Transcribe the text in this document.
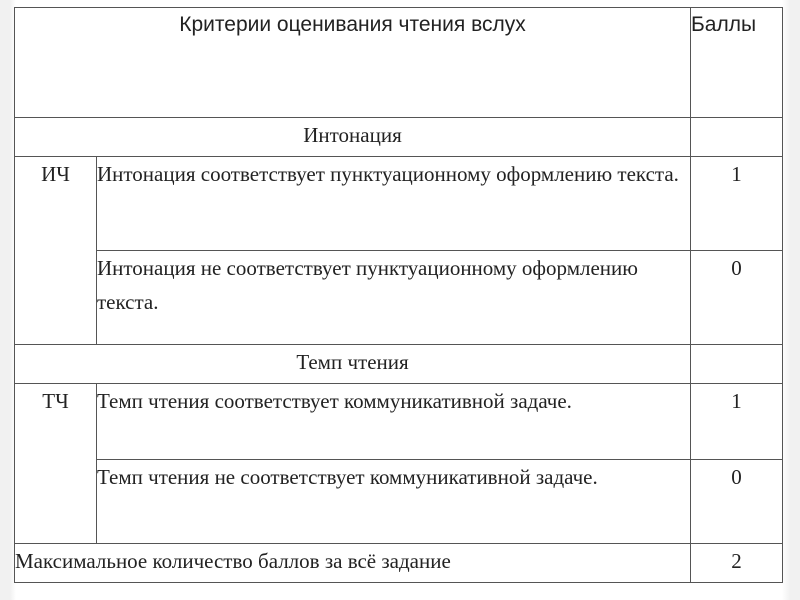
Критерии оценивания чтения вслух		Баллы
Интонация		
ИЧ	Интонация соответствует пунктуационному оформлению текста.	1
	Интонация не соответствует пунктуационному оформлению текста.	0
Темп чтения		
ТЧ	Темп чтения соответствует коммуникативной задаче.	1
	Темп чтения не соответствует коммуникативной задаче.	0
Максимальное количество баллов за всё задание		2
